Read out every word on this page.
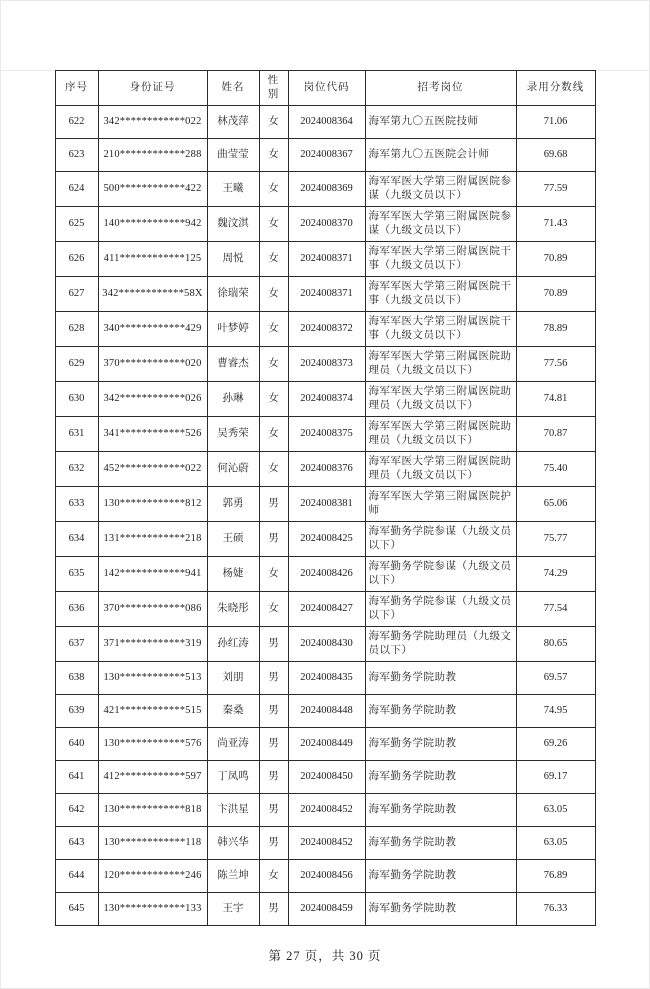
序号	身份证号	姓名	性别	岗位代码	招考岗位	录用分数线
622	342************022	林茂萍	女	2024008364	海军第九〇五医院技师	71.06
623	210************288	曲莹莹	女	2024008367	海军第九〇五医院会计师	69.68
624	500************422	王曦	女	2024008369	海军军医大学第三附属医院参谋（九级文员以下）	77.59
625	140************942	魏汶淇	女	2024008370	海军军医大学第三附属医院参谋（九级文员以下）	71.43
626	411************125	周悦	女	2024008371	海军军医大学第三附属医院干事（九级文员以下）	70.89
627	342************58X	徐瑞荣	女	2024008371	海军军医大学第三附属医院干事（九级文员以下）	70.89
628	340************429	叶梦婷	女	2024008372	海军军医大学第三附属医院干事（九级文员以下）	78.89
629	370************020	曹睿杰	女	2024008373	海军军医大学第三附属医院助理员（九级文员以下）	77.56
630	342************026	孙琳	女	2024008374	海军军医大学第三附属医院助理员（九级文员以下）	74.81
631	341************526	吴秀荣	女	2024008375	海军军医大学第三附属医院助理员（九级文员以下）	70.87
632	452************022	何沁蔚	女	2024008376	海军军医大学第三附属医院助理员（九级文员以下）	75.40
633	130************812	郭勇	男	2024008381	海军军医大学第三附属医院护师	65.06
634	131************218	王硕	男	2024008425	海军勤务学院参谋（九级文员以下）	75.77
635	142************941	杨婕	女	2024008426	海军勤务学院参谋（九级文员以下）	74.29
636	370************086	朱晓彤	女	2024008427	海军勤务学院参谋（九级文员以下）	77.54
637	371************319	孙红涛	男	2024008430	海军勤务学院助理员（九级文员以下）	80.65
638	130************513	刘朋	男	2024008435	海军勤务学院助教	69.57
639	421************515	秦桑	男	2024008448	海军勤务学院助教	74.95
640	130************576	尚亚涛	男	2024008449	海军勤务学院助教	69.26
641	412************597	丁凤鸣	男	2024008450	海军勤务学院助教	69.17
642	130************818	卞洪星	男	2024008452	海军勤务学院助教	63.05
643	130************118	韩兴华	男	2024008452	海军勤务学院助教	63.05
644	120************246	陈兰坤	女	2024008456	海军勤务学院助教	76.89
645	130************133	王宇	男	2024008459	海军勤务学院助教	76.33
第 27 页，共 30 页
